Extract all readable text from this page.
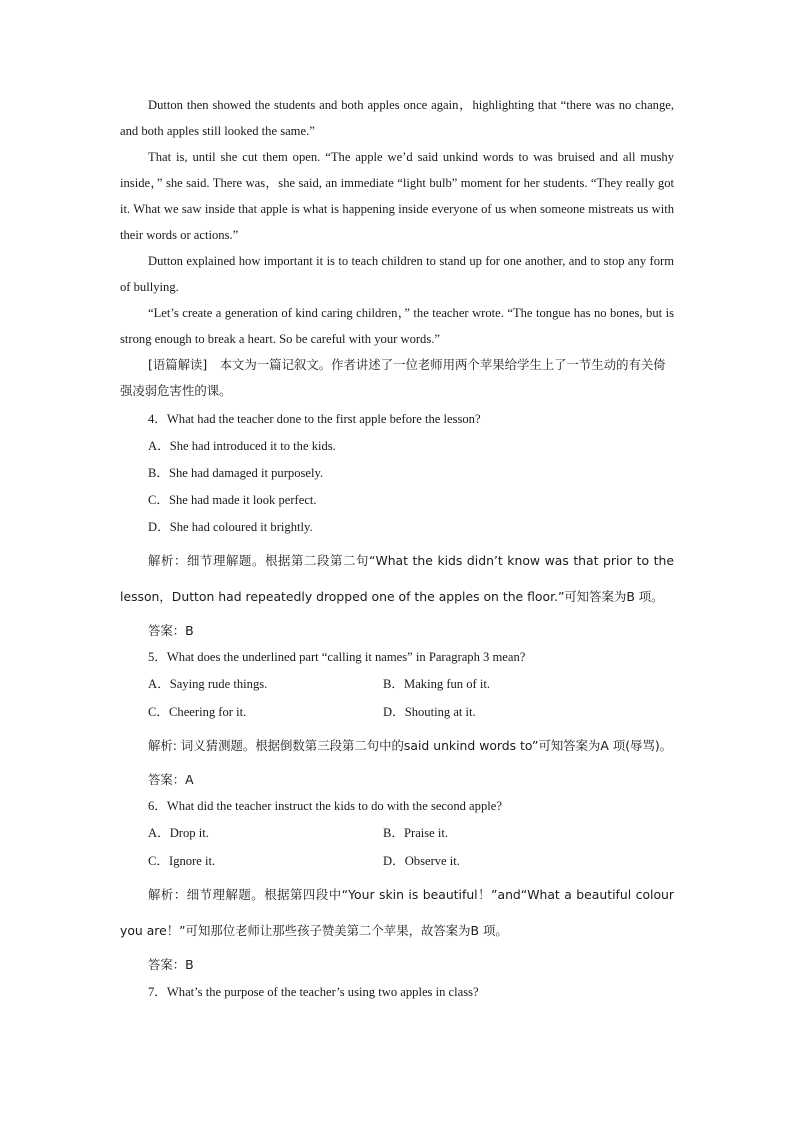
Dutton then showed the students and both apples once again，highlighting that “there was no change, and both apples still looked the same.”

That is, until she cut them open. “The apple we’d said unkind words to was bruised and all mushy inside，” she said. There was，she said, an immediate “light bulb” moment for her students. “They really got it. What we saw inside that apple is what is happening inside everyone of us when someone mistreats us with their words or actions.”

Dutton explained how important it is to teach children to stand up for one another, and to stop any form of bullying.

“Let’s create a generation of kind caring children，” the teacher wrote. “The tongue has no bones, but is strong enough to break a heart. So be careful with your words.”

[语篇解读]　本文为一篇记叙文。作者讲述了一位老师用两个苹果给学生上了一节生动的有关倚强凌弱危害性的课。

4．What had the teacher done to the first apple before the lesson?

A．She had introduced it to the kids.

B．She had damaged it purposely.

C．She had made it look perfect.

D．She had coloured it brightly.

解析：细节理解题。根据第二段第二句“What the kids didn’t know was that prior to the lesson，Dutton had repeatedly dropped one of the apples on the floor.”可知答案为B 项。

答案：B

5．What does the underlined part “calling it names” in Paragraph 3 mean?

A．Saying rude things.	B．Making fun of it.
C．Cheering for it.	D．Shouting at it.

解析: 词义猜测题。根据倒数第三段第二句中的said unkind words to”可知答案为A 项(辱骂)。

答案：A

6．What did the teacher instruct the kids to do with the second apple?

A．Drop it.	B．Praise it.
C．Ignore it.	D．Observe it.

解析：细节理解题。根据第四段中“Your skin is beautiful！”and“What a beautiful colour you are！”可知那位老师让那些孩子赞美第二个苹果，故答案为B 项。

答案：B

7．What’s the purpose of the teacher’s using two apples in class?
